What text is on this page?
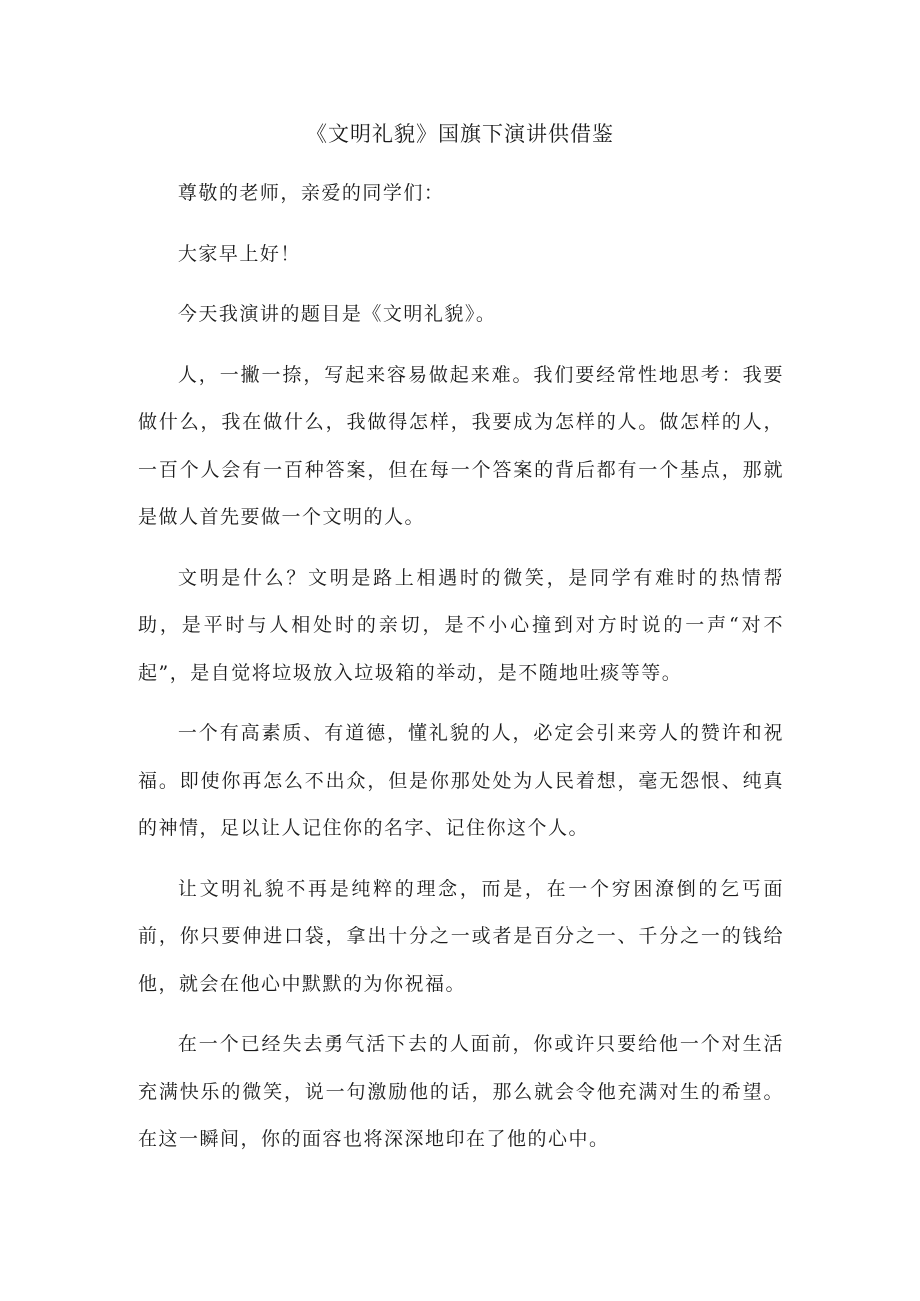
《文明礼貌》国旗下演讲供借鉴

尊敬的老师，亲爱的同学们：

大家早上好！

今天我演讲的题目是《文明礼貌》。

人，一撇一捺，写起来容易做起来难。我们要经常性地思考：我要做什么，我在做什么，我做得怎样，我要成为怎样的人。做怎样的人，一百个人会有一百种答案，但在每一个答案的背后都有一个基点，那就是做人首先要做一个文明的人。

文明是什么？文明是路上相遇时的微笑，是同学有难时的热情帮助，是平时与人相处时的亲切，是不小心撞到对方时说的一声“对不起”，是自觉将垃圾放入垃圾箱的举动，是不随地吐痰等等。

一个有高素质、有道德，懂礼貌的人，必定会引来旁人的赞许和祝福。即使你再怎么不出众，但是你那处处为人民着想，毫无怨恨、纯真的神情，足以让人记住你的名字、记住你这个人。

让文明礼貌不再是纯粹的理念，而是，在一个穷困潦倒的乞丐面前，你只要伸进口袋，拿出十分之一或者是百分之一、千分之一的钱给他，就会在他心中默默的为你祝福。

在一个已经失去勇气活下去的人面前，你或许只要给他一个对生活充满快乐的微笑，说一句激励他的话，那么就会令他充满对生的希望。在这一瞬间，你的面容也将深深地印在了他的心中。
